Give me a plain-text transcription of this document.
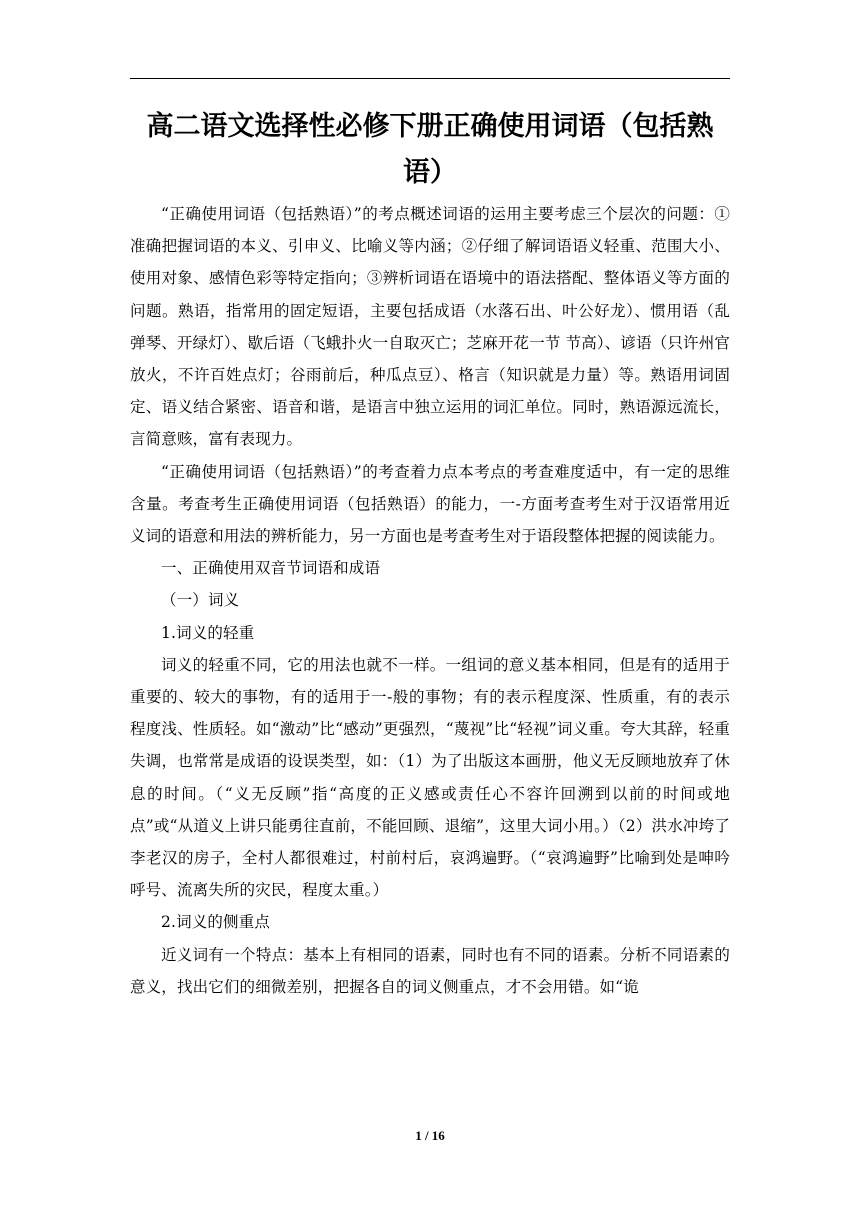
高二语文选择性必修下册正确使用词语（包括熟语）

“正确使用词语（包括熟语）”的考点概述词语的运用主要考虑三个层次的问题：①准确把握词语的本义、引申义、比喻义等内涵；②仔细了解词语语义轻重、范围大小、使用对象、感情色彩等特定指向；③辨析词语在语境中的语法搭配、整体语义等方面的问题。熟语，指常用的固定短语，主要包括成语（水落石出、叶公好龙）、惯用语（乱弹琴、开绿灯）、歇后语（飞蛾扑火一自取灭亡；芝麻开花一节 节高）、谚语（只许州官放火，不许百姓点灯；谷雨前后，种瓜点豆）、格言（知识就是力量）等。熟语用词固定、语义结合紧密、语音和谐，是语言中独立运用的词汇单位。同时，熟语源远流长，言简意赅，富有表现力。

“正确使用词语（包括熟语）”的考查着力点本考点的考查难度适中，有一定的思维含量。考查考生正确使用词语（包括熟语）的能力，一-方面考查考生对于汉语常用近义词的语意和用法的辨析能力，另一方面也是考查考生对于语段整体把握的阅读能力。

一、正确使用双音节词语和成语

（一）词义

1.词义的轻重

词义的轻重不同，它的用法也就不一样。一组词的意义基本相同，但是有的适用于重要的、较大的事物，有的适用于一-般的事物；有的表示程度深、性质重，有的表示程度浅、性质轻。如“激动”比“感动”更强烈，“蔑视”比“轻视”词义重。夸大其辞，轻重失调，也常常是成语的设误类型，如：（1）为了出版这本画册，他义无反顾地放弃了休息的时间。（“义无反顾”指“高度的正义感或责任心不容许回溯到以前的时间或地点”或“从道义上讲只能勇往直前，不能回顾、退缩”，这里大词小用。）（2）洪水冲垮了李老汉的房子，全村人都很难过，村前村后，哀鸿遍野。（“哀鸿遍野”比喻到处是呻吟呼号、流离失所的灾民，程度太重。）

2.词义的侧重点

近义词有一个特点：基本上有相同的语素，同时也有不同的语素。分析不同语素的意义，找出它们的细微差别，把握各自的词义侧重点，才不会用错。如“诡

1 / 16
